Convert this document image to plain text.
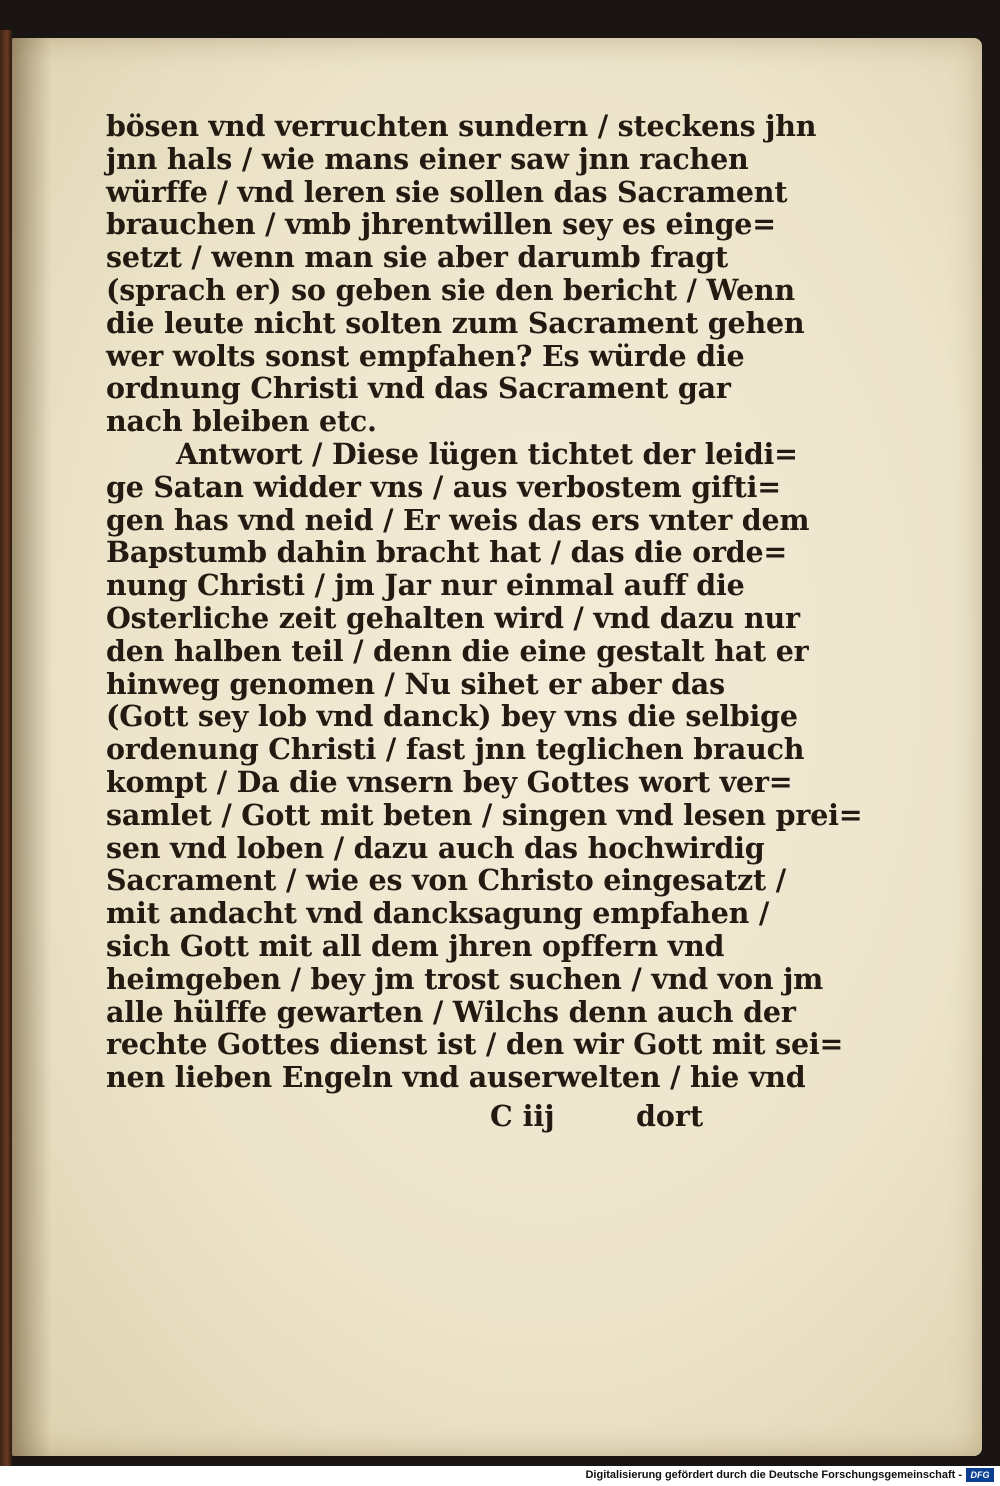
bösen vnd verruchten sundern / steckens jhn
jnn hals / wie mans einer saw jnn rachen
würffe / vnd leren sie sollen das Sacrament
brauchen / vmb jhrentwillen sey es einge=
setzt / wenn man sie aber darumb fragt
(sprach er) so geben sie den bericht / Wenn
die leute nicht solten zum Sacrament gehen
wer wolts sonst empfahen? Es würde die
ordnung Christi vnd das Sacrament gar
nach bleiben etc.
Antwort / Diese lügen tichtet der leidi=
ge Satan widder vns / aus verbostem gifti=
gen has vnd neid / Er weis das ers vnter dem
Bapstumb dahin bracht hat / das die orde=
nung Christi / jm Jar nur einmal auff die
Osterliche zeit gehalten wird / vnd dazu nur
den halben teil / denn die eine gestalt hat er
hinweg genomen / Nu sihet er aber das
(Gott sey lob vnd danck) bey vns die selbige
ordenung Christi / fast jnn teglichen brauch
kompt / Da die vnsern bey Gottes wort ver=
samlet / Gott mit beten / singen vnd lesen prei=
sen vnd loben / dazu auch das hochwirdig
Sacrament / wie es von Christo eingesatzt /
mit andacht vnd dancksagung empfahen /
sich Gott mit all dem jhren opffern vnd
heimgeben / bey jm trost suchen / vnd von jm
alle hülffe gewarten / Wilchs denn auch der
rechte Gottes dienst ist / den wir Gott mit sei=
nen lieben Engeln vnd auserwelten / hie vnd
C iij	dort
Digitalisierung gefördert durch die Deutsche Forschungsgemeinschaft - DFG
